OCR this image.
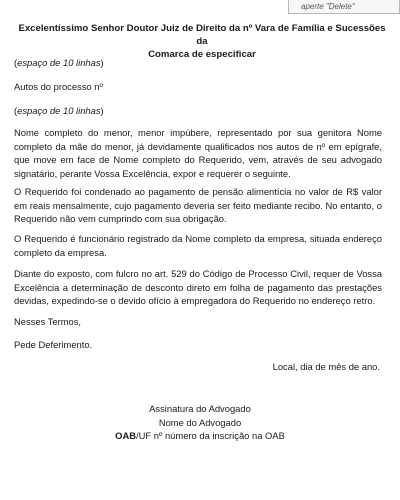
aperte "Delete"
Excelentíssimo Senhor Doutor Juiz de Direito da nº Vara de Família e Sucessões da
Comarca de especificar
(espaço de 10 linhas)
Autos do processo nº
(espaço de 10 linhas)
Nome completo do menor, menor impúbere, representado por sua genitora Nome completo da mãe do menor, já devidamente qualificados nos autos de nº em epígrafe, que move em face de Nome completo do Requerido, vem, através de seu advogado signatário, perante Vossa Excelência, expor e requerer o seguinte.
O Requerido foi condenado ao pagamento de pensão alimentícia no valor de R$ valor em reais mensalmente, cujo pagamento deveria ser feito mediante recibo. No entanto, o Requerido não vem cumprindo com sua obrigação.
O Requerido é funcionário registrado da Nome completo da empresa, situada endereço completo da empresa.
Diante do exposto, com fulcro no art. 529 do Código de Processo Civil, requer de Vossa Excelência a determinação de desconto direto em folha de pagamento das prestações devidas, expedindo-se o devido ofício à empregadora do Requerido no endereço retro.
Nesses Termos,
Pede Deferimento.
Local, dia de mês de ano.
Assinatura do Advogado
Nome do Advogado
OAB/UF nº número da inscrição na OAB
